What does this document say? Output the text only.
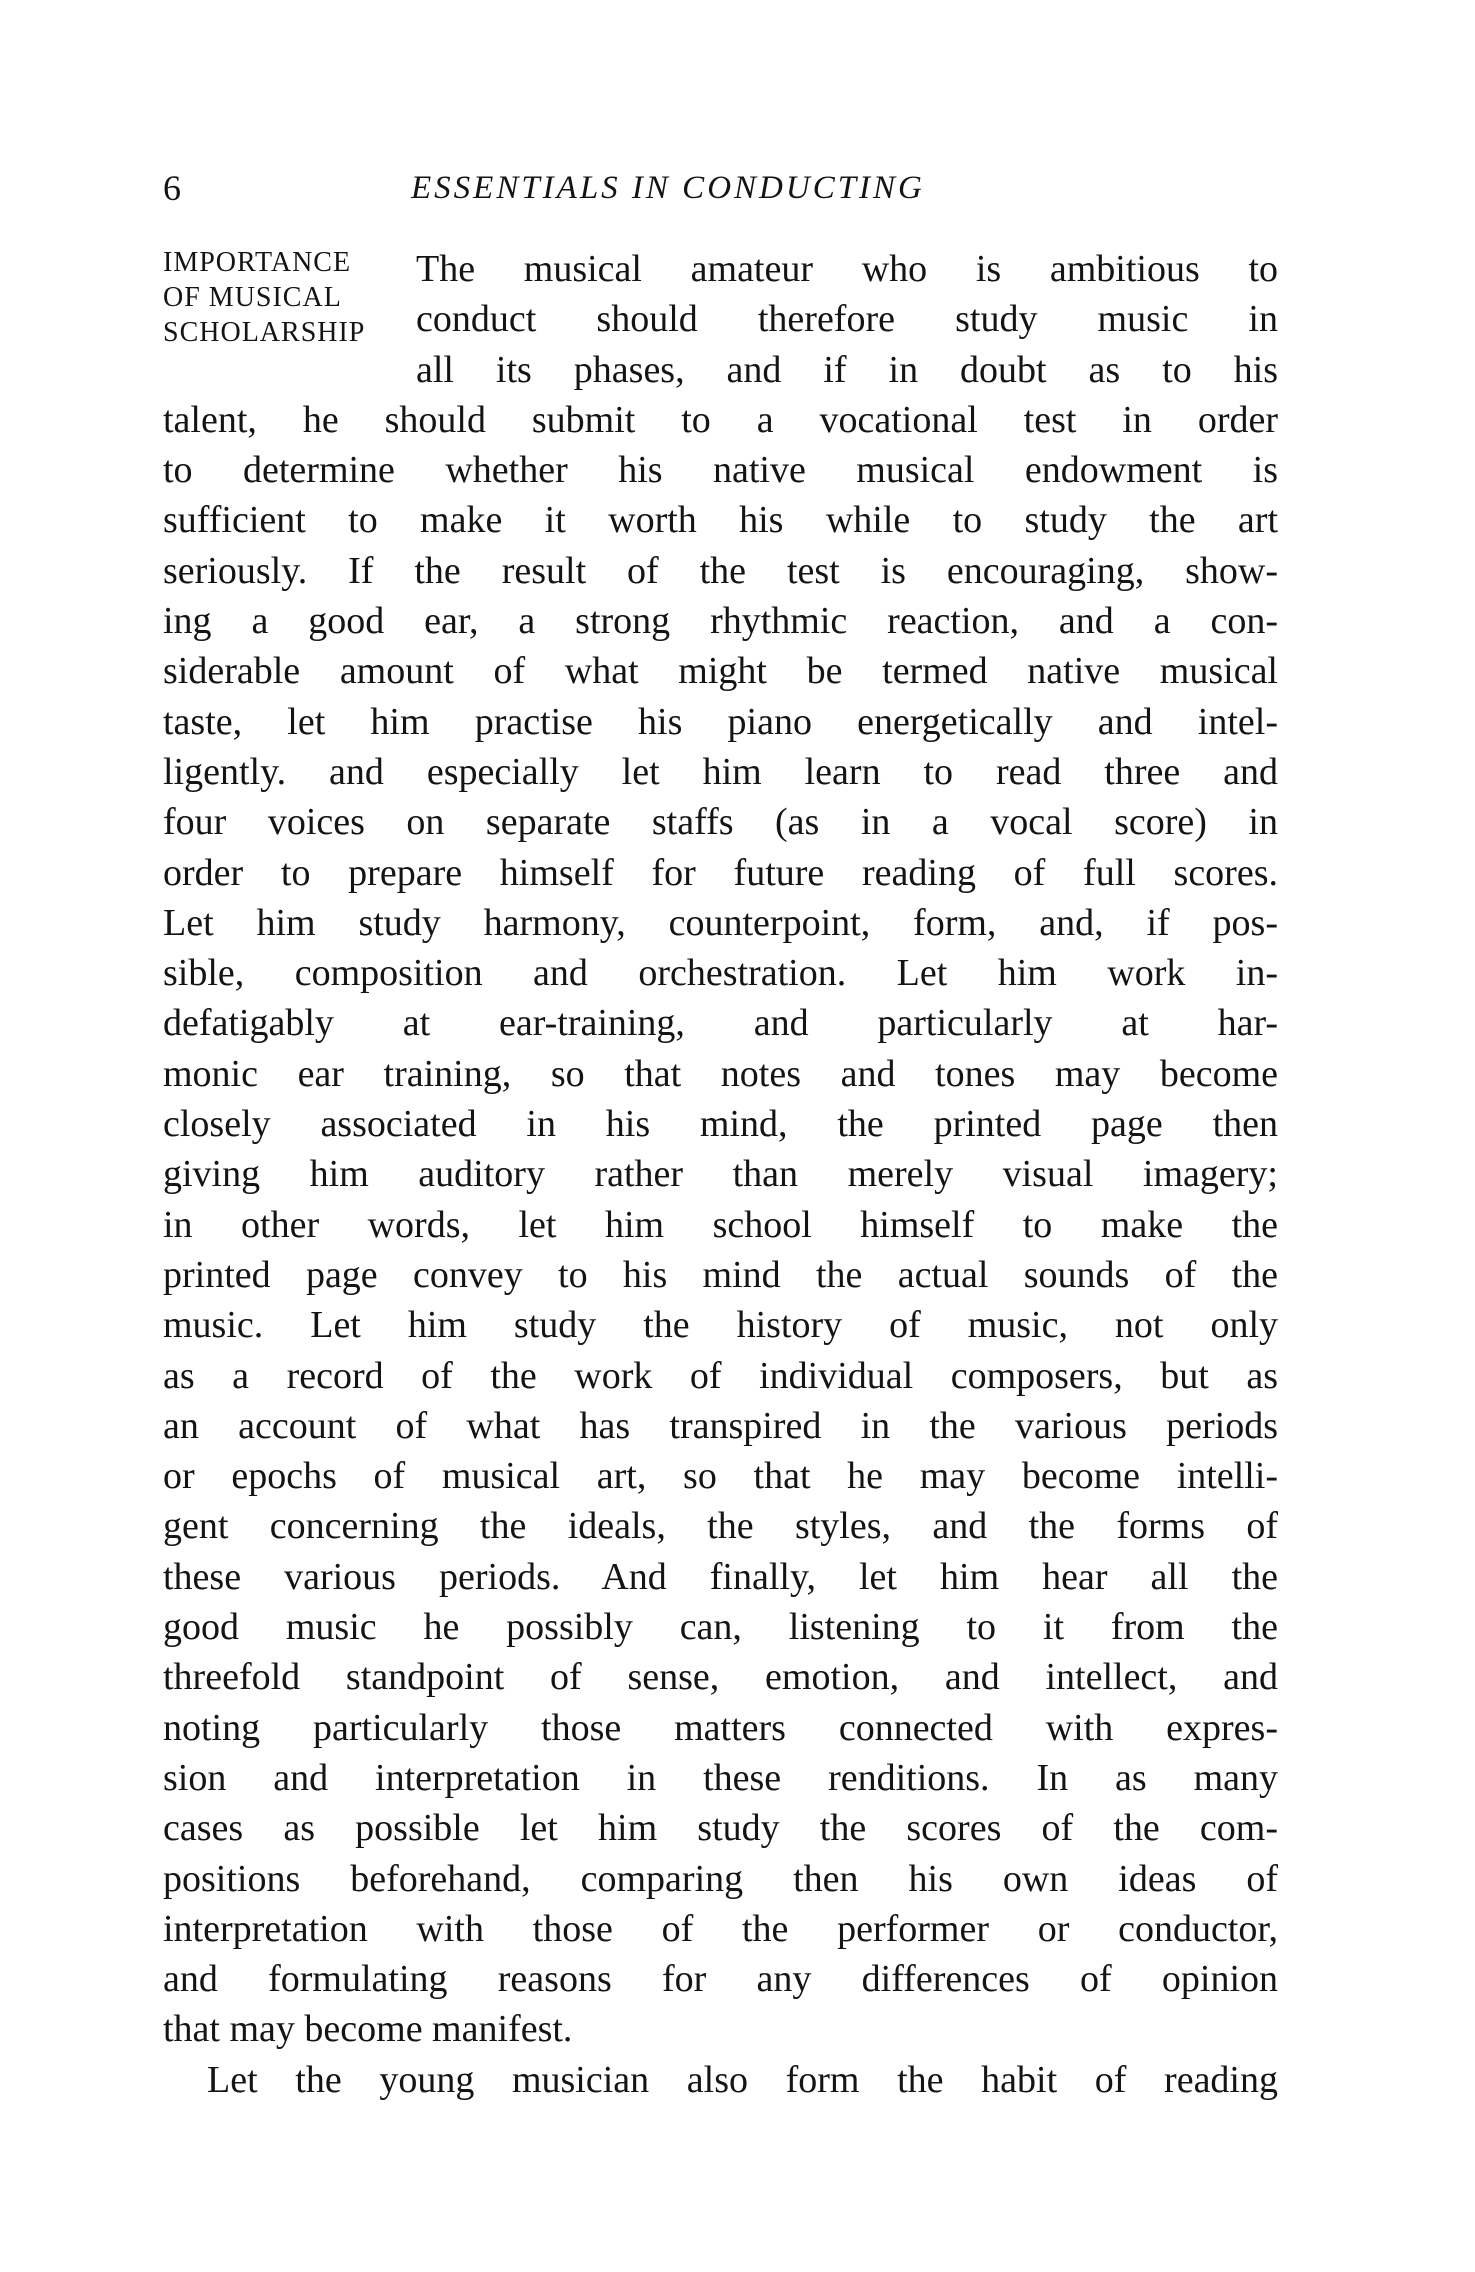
6	ESSENTIALS IN CONDUCTING
IMPORTANCE
OF MUSICAL
SCHOLARSHIP
The musical amateur who is ambitious to
conduct should therefore study music in
all its phases, and if in doubt as to his
talent, he should submit to a vocational test in order
to determine whether his native musical endowment is
sufficient to make it worth his while to study the art
seriously. If the result of the test is encouraging, show-
ing a good ear, a strong rhythmic reaction, and a con-
siderable amount of what might be termed native musical
taste, let him practise his piano energetically and intel-
ligently. and especially let him learn to read three and
four voices on separate staffs (as in a vocal score) in
order to prepare himself for future reading of full scores.
Let him study harmony, counterpoint, form, and, if pos-
sible, composition and orchestration. Let him work in-
defatigably at ear-training, and particularly at har-
monic ear training, so that notes and tones may become
closely associated in his mind, the printed page then
giving him auditory rather than merely visual imagery;
in other words, let him school himself to make the
printed page convey to his mind the actual sounds of the
music. Let him study the history of music, not only
as a record of the work of individual composers, but as
an account of what has transpired in the various periods
or epochs of musical art, so that he may become intelli-
gent concerning the ideals, the styles, and the forms of
these various periods. And finally, let him hear all the
good music he possibly can, listening to it from the
threefold standpoint of sense, emotion, and intellect, and
noting particularly those matters connected with expres-
sion and interpretation in these renditions. In as many
cases as possible let him study the scores of the com-
positions beforehand, comparing then his own ideas of
interpretation with those of the performer or conductor,
and formulating reasons for any differences of opinion
that may become manifest.
Let the young musician also form the habit of reading
